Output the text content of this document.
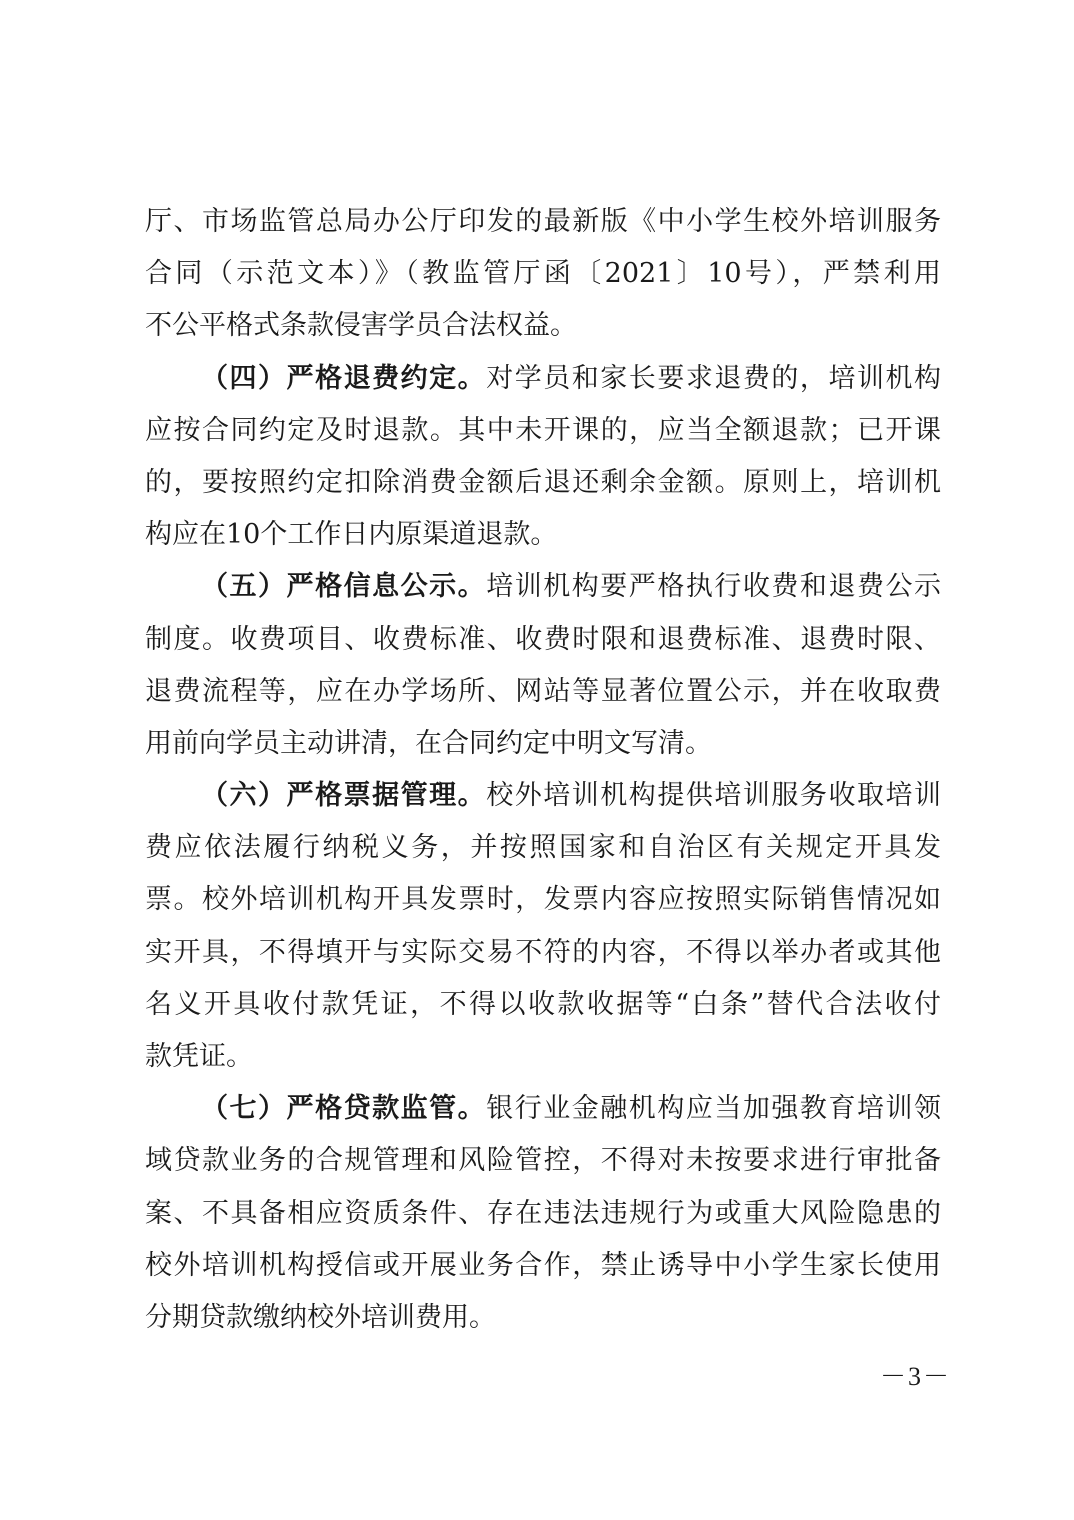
厅、市场监管总局办公厅印发的最新版《中小学生校外培训服务
合同（示范文本）》（教监管厅函〔2021〕10号），严禁利用
不公平格式条款侵害学员合法权益。
（四）严格退费约定。对学员和家长要求退费的，培训机构
应按合同约定及时退款。其中未开课的，应当全额退款；已开课
的，要按照约定扣除消费金额后退还剩余金额。原则上，培训机
构应在10个工作日内原渠道退款。
（五）严格信息公示。培训机构要严格执行收费和退费公示
制度。收费项目、收费标准、收费时限和退费标准、退费时限、
退费流程等，应在办学场所、网站等显著位置公示，并在收取费
用前向学员主动讲清，在合同约定中明文写清。
（六）严格票据管理。校外培训机构提供培训服务收取培训
费应依法履行纳税义务，并按照国家和自治区有关规定开具发
票。校外培训机构开具发票时，发票内容应按照实际销售情况如
实开具，不得填开与实际交易不符的内容，不得以举办者或其他
名义开具收付款凭证，不得以收款收据等“白条”替代合法收付
款凭证。
（七）严格贷款监管。银行业金融机构应当加强教育培训领
域贷款业务的合规管理和风险管控，不得对未按要求进行审批备
案、不具备相应资质条件、存在违法违规行为或重大风险隐患的
校外培训机构授信或开展业务合作，禁止诱导中小学生家长使用
分期贷款缴纳校外培训费用。
－3－
